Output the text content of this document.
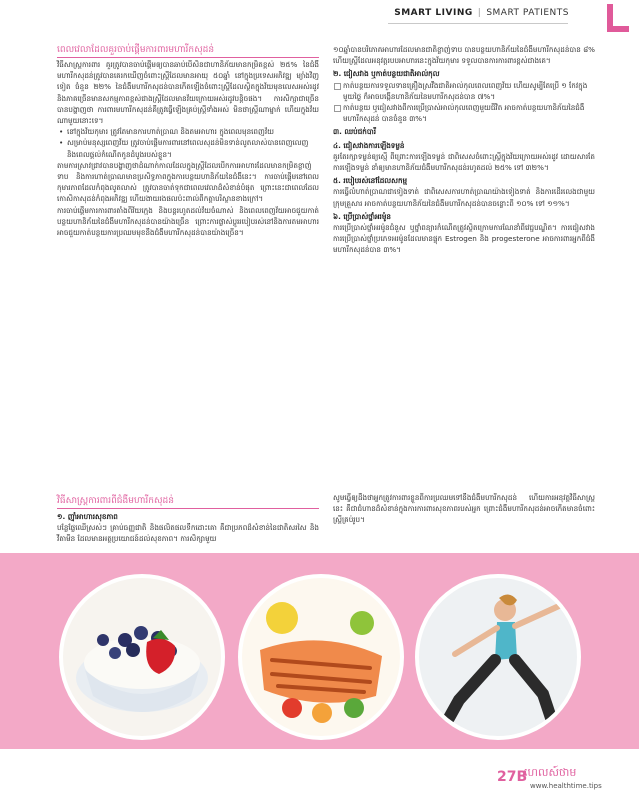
SMART LIVING | SMART PATIENTS
ពេលវេលាដែលគួរចាប់ផ្តើមការពារមហារីកសុដន់

វិធីសាស្ត្រការពារ គួរត្រូវបានចាប់ផ្តើមឲ្យបានឆាប់បើសិនជាហានិភ័យមានកម្រិតខ្ពស់ ២៥% នៃជំងឺមហារីកសុដន់ត្រូវបានគេរកឃើញចំពោះស្ត្រីដែលមានអាយុ ៥០ឆ្នាំ នៅក្នុងប្រទេសអភិវឌ្ឍ ម្យ៉ាងវិញទៀត ចំនួន ២២% នៃជំងឺមហារីកសុដន់បានកើតឡើងចំពោះស្ត្រីដែលស្ថិតក្នុងវ័យមុនលេសអស់រដូវ និងភាគច្រើនមានសកម្មភាពខ្ពស់ជាងស្ត្រីដែលមានវ័យក្រោយអស់រដូវបន្តិចផង។ ការសិក្សាជាច្រើនបានបង្ហាញថា ការពារមហារីកសុដន់គឺត្រូវធ្វើឡើងគ្រប់ស្ត្រីទាំងអស់ មិនថាស្ត្រីណាម្នាក់ ហើយក្នុងវ័យណាមួយនោះទេ។

• នៅក្នុងវ័យកុមារ ត្រូវតែមានការហាត់ប្រាណ និងតមអាហារ ក្នុងពេលមុនពេញវ័យ
• សម្រាប់មនុស្សពេញវ័យ ត្រូវចាប់ផ្តើមការពារនៅពេលសុដន់មិនទាន់លូតលាស់បានពេញលេញ និងពេលផ្តល់កំណើតកូនដំបូងរបស់ខ្លួន។

តាមការស្រាវជ្រាវបានបង្ហាញថាដំណាក់កាលដែលក្នុងស្ត្រីដែលបើកការអាហារដែលមានកម្រិតខ្លាញ់ទាប និងការហាត់ប្រាណមានប្រសិទ្ធភាពក្នុងការបន្ថយហានិភ័យនៃជំងឺនេះ។ ការចាប់ផ្តើមនៅពេលកុមារភាពដែលកំពុងលូតលាស់ ត្រូវបានចាត់ទុកជាពេលវេលាដ៏សំខាន់បំផុត ព្រោះនេះជាពេលដែលកោសិកាសុដន់កំពុងអភិវឌ្ឍ ហើយងាយរងផលប៉ះពាល់ពីកត្តាបរិស្ថានខាងក្រៅ។

ការចាប់ផ្តើមការការពារតាំងពីវ័យក្មេង និងបន្តរហូតដល់វ័យចំណាស់ និងពេលពេញវ័យអាចជួយកាត់បន្ថយហានិភ័យនៃជំងឺមហារីកសុដន់បានយ៉ាងច្រើន ព្រោះការផ្លាស់ប្តូររបៀបរស់នៅនិងការតមអាហារ អាចជួយកាត់បន្ថយការប្រឈមមុខនឹងជំងឺមហារីកសុដន់បានយ៉ាងច្រើន។

១០ឆ្នាំបានបរិភោគអាហារដែលមានជាតិខ្លាញ់ទាប បានបន្ថយហានិភ័យនៃជំងឺមហារីកសុដន់បាន ៨% ហើយស្ត្រីដែលអនុវត្តរបបអាហារនេះក្នុងវ័យកុមារ ទទួលបានការការពារខ្ពស់ជាងគេ។

២. ជៀសវាង ឬកាត់បន្ថយជាតិអាល់កុល
កាត់បន្ថយការទទួលទានគ្រឿងស្រវឹងជាតិអាល់កុលពេលពេញវ័យ ហើយសូម្បីតែប្រើ ១ កែវក្នុងមួយថ្ងៃ ក៏អាចបង្កើនហានិភ័យនៃមហារីកសុដន់បាន ៧%។
កាត់បន្ថយ ឬជៀសវាងពីការប្រើប្រាស់អាល់កុលពេញមួយជីវិត អាចកាត់បន្ថយហានិភ័យនៃជំងឺមហារីកសុដន់ បានចំនួន ៣%។
៣. ឈប់ជក់បារី
៤. ជៀសវាងការឡើងទម្ងន់

គួរតែរក្សាទម្ងន់ឲ្យស្មើ ពីព្រោះការឡើងទម្ងន់ ជាពិសេសចំពោះស្ត្រីក្នុងវ័យក្រោយអស់រដូវ ដោយសារតែការឡើងទម្ងន់ នាំឲ្យមានហានិភ័យជំងឺមហារីកសុដន់រហូតដល់ ២៥% ទៅ ៣២%។

៥. របៀបរស់នៅដែលសកម្ម

ការធ្វើលំហាត់ប្រាណជាទៀងទាត់ ជាពិសេសការហាត់ប្រាណយ៉ាងទៀងទាត់ និងការដើរលេងជាមួយក្រុមគ្រួសារ អាចកាត់បន្ថយហានិភ័យនៃជំងឺមហារីកសុដន់បានចន្លោះពី ១០% ទៅ ១១%។

៦. ប្រើប្រាស់ថ្នាំអរម៉ូន

ការប្រើប្រាស់ថ្នាំអរម៉ូនជំនួស ឬថ្នាំពន្យារកំណើតត្រូវស្ថិតក្រោមការណែនាំពីវេជ្ជបណ្ឌិត។ ការជៀសវាងការប្រើប្រាស់ថ្នាំប្រភេទអរម៉ូនដែលមានផ្ទុក Estrogen និង progesterone អាចការពារអ្នកពីជំងឺមហារីកសុដន់បាន ៣%។

វិធីសាស្ត្រការពារពីជំងឺមហារីកសុដន់
១. ញ៉ាំអាហារសុខភាព

បន្លែផ្លែឈើស្រស់ៗ គ្រាប់ធញ្ញជាតិ និងផលិតផលទឹកដោះគោ គឺជាប្រភពដ៏សំខាន់នៃជាតិសរសៃ និងវីតាមីន ដែលមានអត្ថប្រយោជន៍ដល់សុខភាព។ ការសិក្សាមួយ

សូមធ្វើឲ្យដឹងថាអ្នកត្រូវការពារខ្លួនពីការប្រឈមទៅនឹងជំងឺមហារីកសុដន់ ហើយការអនុវត្តវិធីសាស្ត្រនេះ គឺជាជំហានដ៏សំខាន់ក្នុងការការពារសុខភាពរបស់អ្នក ព្រោះជំងឺមហារីកសុដន់អាចកើតមានចំពោះស្ត្រីគ្រប់រូប។

27B
ហេលស៍ថាម
www.healthtime.tips
